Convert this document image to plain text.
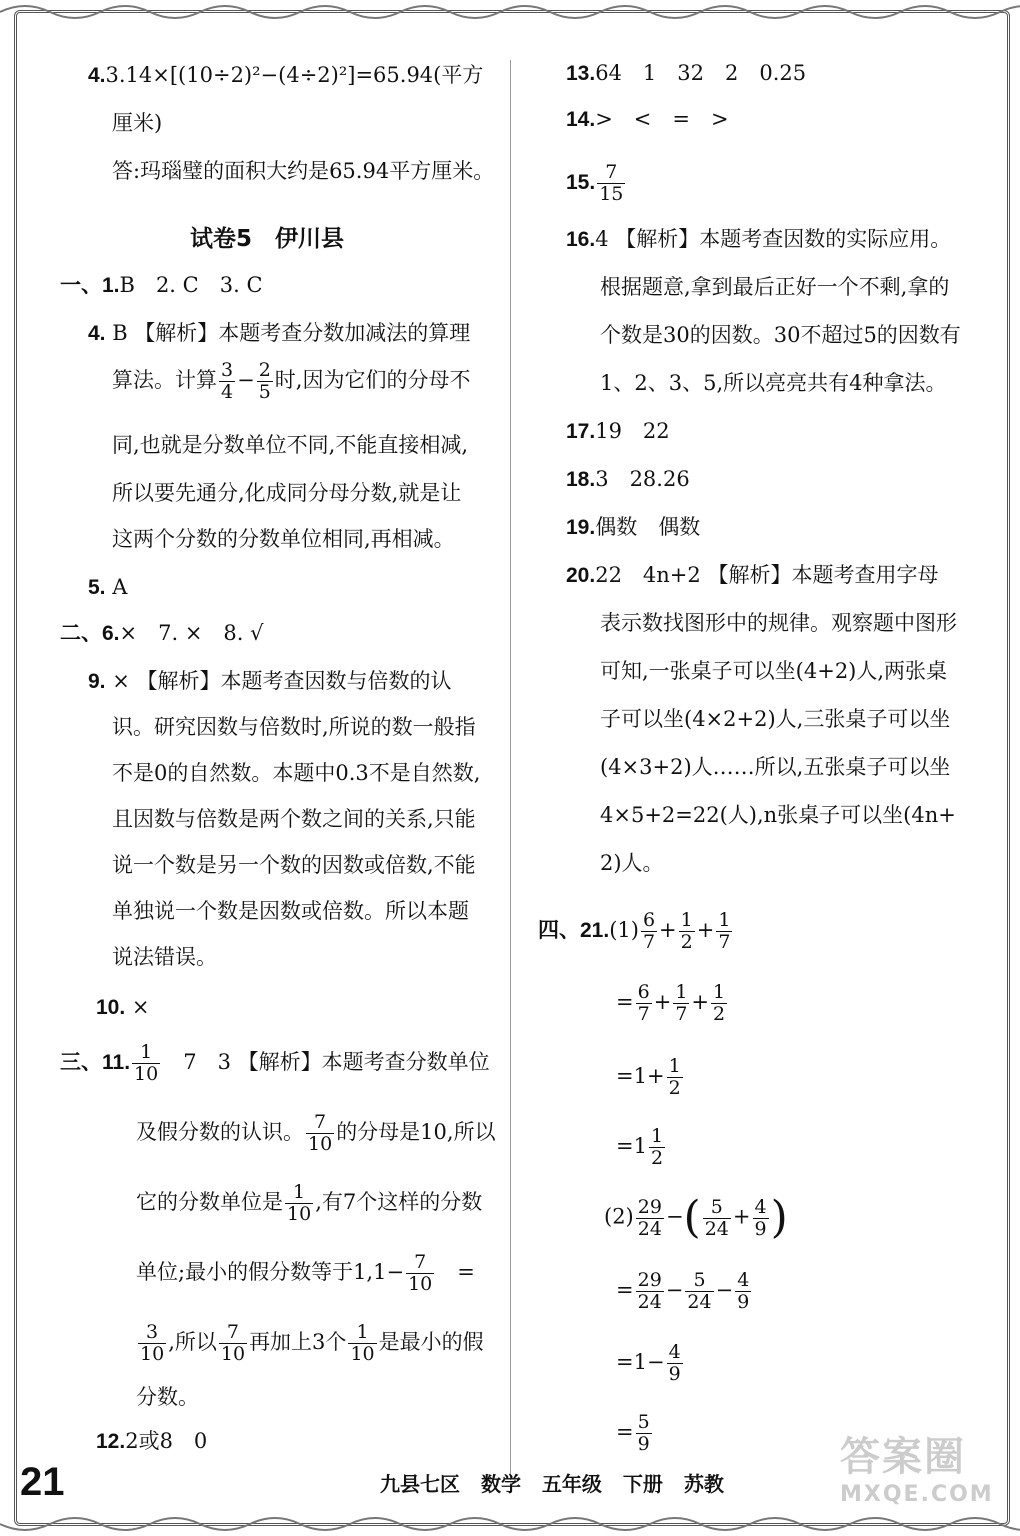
4.3.14×[(10÷2)²−(4÷2)²]=65.94(平方
厘米)
答:玛瑙璧的面积大约是65.94平方厘米。
试卷5　伊川县
一、1.B　2. C　3. C
4. B 【解析】本题考查分数加减法的算理
算法。计算 $\frac{3}{4} - \frac{2}{5}$ 时,因为它们的分母不
同,也就是分数单位不同,不能直接相减,
所以要先通分,化成同分母分数,就是让
这两个分数的分数单位相同,再相减。
5. A
二、6.×　7. ×　8. √
9. × 【解析】本题考查因数与倍数的认
识。研究因数与倍数时,所说的数一般指
不是0的自然数。本题中0.3不是自然数,
且因数与倍数是两个数之间的关系,只能
说一个数是另一个数的因数或倍数,不能
单独说一个数是因数或倍数。所以本题
说法错误。
10. ×
三、11. $\frac{1}{10}$
　 7　3 【解析】本题考查分数单位
及假分数的认识。 $\frac{7}{10}$ 的分母是10,所以
它的分数单位是 $\frac{1}{10}$ ,有7个这样的分数
单位;最小的假分数等于$1,1- \frac{7}{10}$
　 =
$\frac{3}{10}$ ,所以 $\frac{7}{10}$ 再加上3个 $\frac{1}{10}$ 是最小的假
分数。
12.2或8　0
13.64　1　32　2　0.25
14.>　<　=　>
15. $\frac{7}{15}$
16.4 【解析】本题考查因数的实际应用。
根据题意,拿到最后正好一个不剩,拿的
个数是30的因数。30不超过5的因数有
1、2、3、5,所以亮亮共有4种拿法。
17.19　22
18.3　28.26
19.偶数　偶数
20.22　4n+2 【解析】本题考查用字母
表示数找图形中的规律。观察题中图形
可知,一张桌子可以坐(4+2)人,两张桌
子可以坐(4×2+2)人,三张桌子可以坐
(4×3+2)人……所以,五张桌子可以坐
4×5+2=22(人),n张桌子可以坐(4n+
2)人。
四、$21.(1) \frac{6}{7} + \frac{1}{2} + \frac{1}{7}$
= $\frac{6}{7} + \frac{1}{7} + \frac{1}{2}$
$=1+ \frac{1}{2}$
$=1 \frac{1}{2}$
$(2) \frac{29}{24}$ −( $\frac{5}{24} + \frac{4}{9}$ )
= $\frac{29}{24} - \frac{5}{24} - \frac{4}{9}$
$=1- \frac{4}{9}$
= $\frac{5}{9}$
21	九县七区 数学 五年级 下册 苏教
答案圈
MXQE.COM
